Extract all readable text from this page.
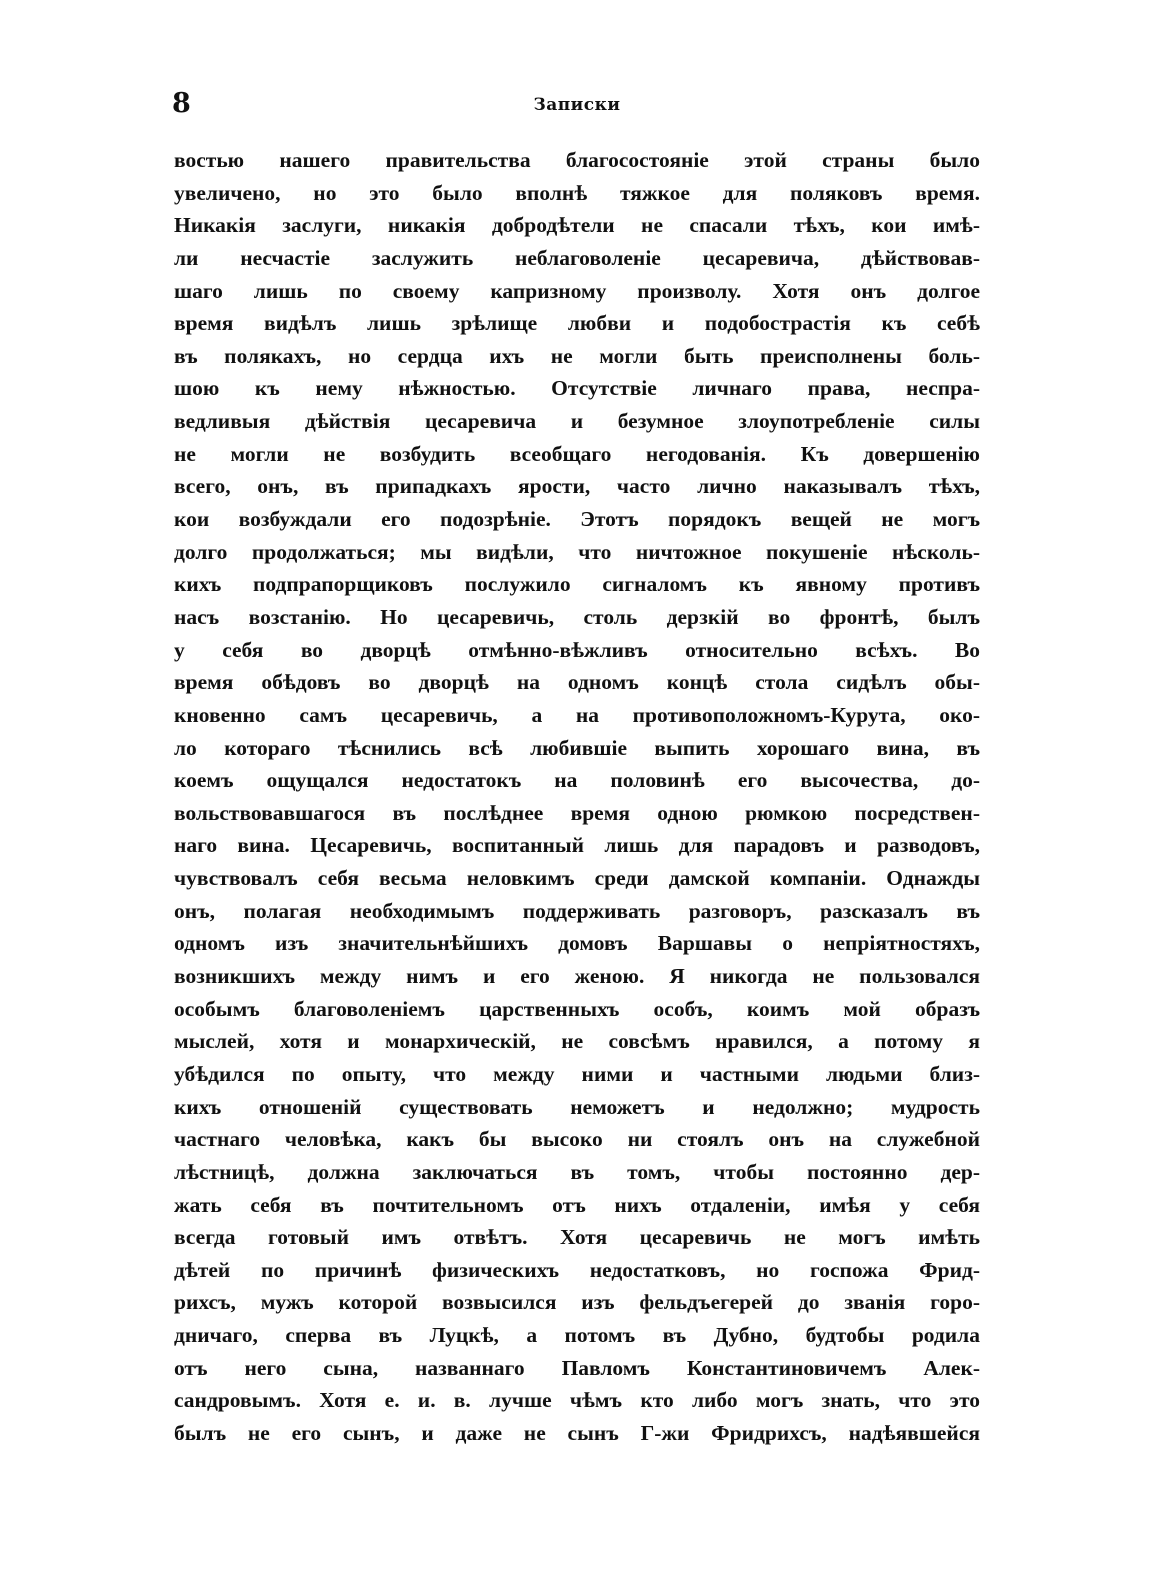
8	Записки
востью нашего правительства благосостояніе этой страны было
увеличено, но это было вполнѣ тяжкое для поляковъ время.
Никакія заслуги, никакія добродѣтели не спасали тѣхъ, кои имѣ-
ли несчастіе заслужить неблаговоленіе цесаревича, дѣйствовав-
шаго лишь по своему капризному произволу. Хотя онъ долгое
время видѣлъ лишь зрѣлище любви и подобострастія къ себѣ
въ полякахъ, но сердца ихъ не могли быть преисполнены боль-
шою къ нему нѣжностью. Отсутствіе личнаго права, неспра-
ведливыя дѣйствія цесаревича и безумное злоупотребленіе силы
не могли не возбудить всеобщаго негодованія. Къ довершенію
всего, онъ, въ припадкахъ ярости, часто лично наказывалъ тѣхъ,
кои возбуждали его подозрѣніе. Этотъ порядокъ вещей не могъ
долго продолжаться; мы видѣли, что ничтожное покушеніе нѣсколь-
кихъ подпрапорщиковъ послужило сигналомъ къ явному противъ
насъ возстанію. Но цесаревичь, столь дерзкій во фронтѣ, былъ
у себя во дворцѣ отмѣнно-вѣжливъ относительно всѣхъ. Во
время обѣдовъ во дворцѣ на одномъ концѣ стола сидѣлъ обы-
кновенно самъ цесаревичь, а на противоположномъ-Курута, око-
ло котораго тѣснились всѣ любившіе выпить хорошаго вина, въ
коемъ ощущался недостатокъ на половинѣ его высочества, до-
вольствовавшагося въ послѣднее время одною рюмкою посредствен-
наго вина. Цесаревичь, воспитанный лишь для парадовъ и разводовъ,
чувствовалъ себя весьма неловкимъ среди дамской компаніи. Однажды
онъ, полагая необходимымъ поддерживать разговоръ, разсказалъ въ
одномъ изъ значительнѣйшихъ домовъ Варшавы о непріятностяхъ,
возникшихъ между нимъ и его женою. Я никогда не пользовался
особымъ благоволеніемъ царственныхъ особъ, коимъ мой образъ
мыслей, хотя и монархическій, не совсѣмъ нравился, а потому я
убѣдился по опыту, что между ними и частными людьми близ-
кихъ отношеній существовать неможетъ и недолжно; мудрость
частнаго человѣка, какъ бы высоко ни стоялъ онъ на служебной
лѣстницѣ, должна заключаться въ томъ, чтобы постоянно дер-
жать себя въ почтительномъ отъ нихъ отдаленіи, имѣя у себя
всегда готовый имъ отвѣтъ. Хотя цесаревичь не могъ имѣть
дѣтей по причинѣ физическихъ недостатковъ, но госпожа Фрид-
рихсъ, мужъ которой возвысился изъ фельдъегерей до званія горо-
дничаго, сперва въ Луцкѣ, а потомъ въ Дубно, будтобы родила
отъ него сына, названнаго Павломъ Константиновичемъ Алек-
сандровымъ. Хотя е. и. в. лучше чѣмъ кто либо могъ знать, что это
былъ не его сынъ, и даже не сынъ Г-жи Фридрихсъ, надѣявшейся
